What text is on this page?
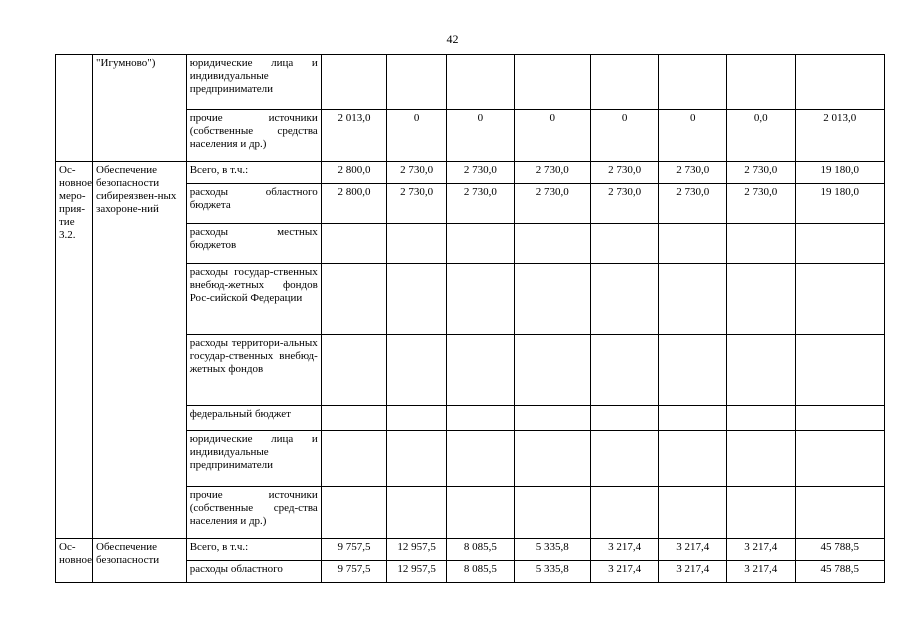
42
	"Игумново")	юридические лица и индивидуальные предприниматели								
		прочие источники (собственные средства населения и др.)	2 013,0	0	0	0	0	0	0,0	2 013,0
Ос-новное меро-прия-тие 3.2.	Обеспечение безопасности сибиреязвен-ных захороне-ний	Всего, в т.ч.:	2 800,0	2 730,0	2 730,0	2 730,0	2 730,0	2 730,0	2 730,0	19 180,0
		расходы областного бюджета	2 800,0	2 730,0	2 730,0	2 730,0	2 730,0	2 730,0	2 730,0	19 180,0
		расходы местных бюджетов								
		расходы государ-ственных внебюд-жетных фондов Рос-сийской Федерации								
		расходы территори-альных государ-ственных внебюд-жетных фондов								
		федеральный бюджет								
		юридические лица и индивидуальные предприниматели								
		прочие источники (собственные сред-ства населения и др.)								
Ос-новное	Обеспечение безопасности	Всего, в т.ч.:	9 757,5	12 957,5	8 085,5	5 335,8	3 217,4	3 217,4	3 217,4	45 788,5
		расходы областного	9 757,5	12 957,5	8 085,5	5 335,8	3 217,4	3 217,4	3 217,4	45 788,5
